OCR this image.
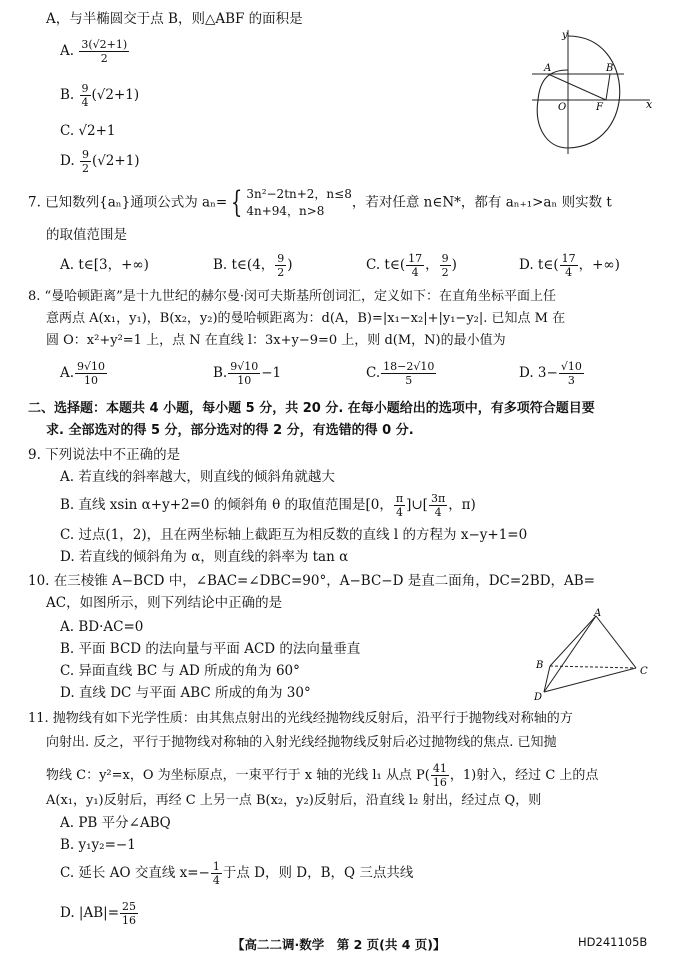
A，与半椭圆交于点 B，则△ABF 的面积是
A. $\frac{3(√2+1)}{2}$
B. $\frac{9}{4} (√2+1)$
C. √2+1
D. $\frac{9}{2} (√2+1)$
y
x
A	B
O	F
7. 已知数列{aₙ}通项公式为 aₙ= { 3n²−2tn+2，n≤8
4n+94，n>8
，若对任意 n∈N*，都有 aₙ₊₁>aₙ 则实数 t
的取值范围是
A. t∈[3，+∞)	B. t∈(4， $\frac{9}{2}$ )	C. t∈( $\frac{17}{4}$ ， $\frac{9}{2}$ )	D. t∈( $\frac{17}{4}$ ，+∞)
8. “曼哈顿距离”是十九世纪的赫尔曼·闵可夫斯基所创词汇，定义如下：在直角坐标平面上任
意两点 A(x₁，y₁)，B(x₂，y₂)的曼哈顿距离为：d(A，B)=|x₁−x₂|+|y₁−y₂|. 已知点 M 在
圆 O：x²+y²=1 上，点 N 在直线 l：3x+y−9=0 上，则 d(M，N)的最小值为
A. $\frac{9√10}{10}$	B. $\frac{9√10}{10} -1$	C. $\frac{18-2√10}{5}$	D. $3- \frac{√10}{3}$
二、选择题：本题共 4 小题，每小题 5 分，共 20 分. 在每小题给出的选项中，有多项符合题目要
求. 全部选对的得 5 分，部分选对的得 2 分，有选错的得 0 分.
9. 下列说法中不正确的是
A. 若直线的斜率越大，则直线的倾斜角就越大
B. 直线 xsin α+y+2=0 的倾斜角 θ 的取值范围是[0， $\frac{\pi}{4}$ ]∪[ $\frac{3\pi}{4}$ ，π)
C. 过点(1，2)，且在两坐标轴上截距互为相反数的直线 l 的方程为 x−y+1=0
D. 若直线的倾斜角为 α，则直线的斜率为 tan α
10. 在三棱锥 A−BCD 中，∠BAC=∠DBC=90°，A−BC−D 是直二面角，DC=2BD，AB=
AC，如图所示，则下列结论中正确的是
A. BD·AC=0
B. 平面 BCD 的法向量与平面 ACD 的法向量垂直
C. 异面直线 BC 与 AD 所成的角为 60°
D. 直线 DC 与平面 ABC 所成的角为 30°
A
B
C
D
11. 抛物线有如下光学性质：由其焦点射出的光线经抛物线反射后，沿平行于抛物线对称轴的方
向射出. 反之，平行于抛物线对称轴的入射光线经抛物线反射后必过抛物线的焦点. 已知抛
物线 C：y²=x，O 为坐标原点，一束平行于 x 轴的光线 l₁ 从点 $P( \frac{41}{16}$ ，1)射入，经过 C 上的点
A(x₁，y₁)反射后，再经 C 上另一点 B(x₂，y₂)反射后，沿直线 l₂ 射出，经过点 Q，则
A. PB 平分∠ABQ
B. y₁y₂=−1
C. 延长 AO 交直线 $x=- \frac{1}{4}$ 于点 D，则 D，B，Q 三点共线
D. $|AB|= \frac{25}{16}$
【高二二调·数学　第 2 页(共 4 页)】	HD241105B
